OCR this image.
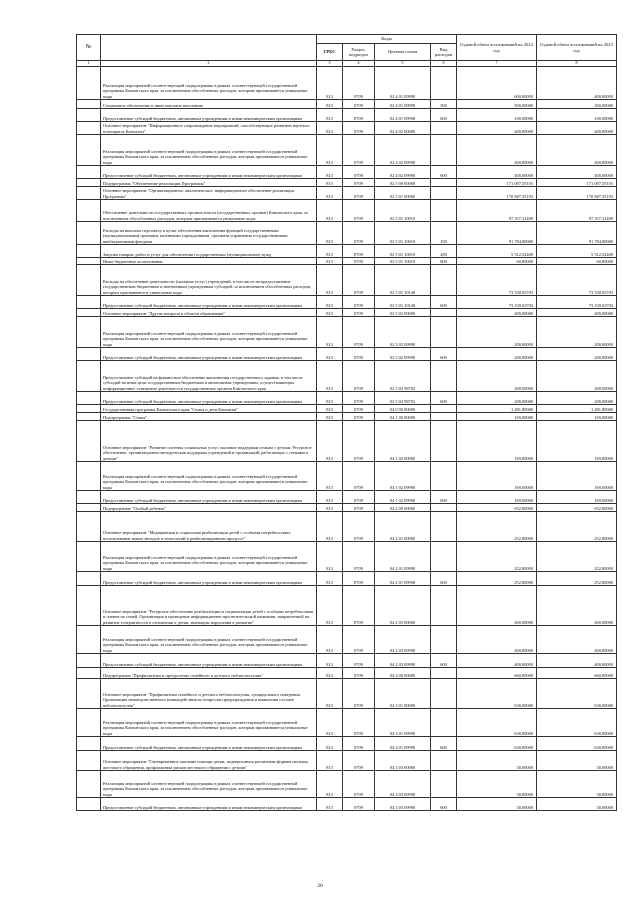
№		Коды				Годовой объем ассигнований на 2022 год	Годовой объем ассигнований на 2023 год
		ГРБС	Раздел, подраздел	Целевая статья	Вид расходов		
1	2	3	4	5	6	7	8
	Реализация мероприятий соответствующей подпрограммы в рамках соответствующей государственной программы Камчатского края, за исключением обособленных расходов, которым присваиваются уникальные коды	813	0709	02 4 01 09990		600,00000	400,00000
	Социальное обеспечение и иные выплаты населению	813	0709	02 4 01 09990	300	500,00000	300,00000
	Предоставление субсидий бюджетным, автономным учреждениям и иным некоммерческим организациям	813	0709	02 4 01 09990	600	100,00000	100,00000
	Основное мероприятие "Информационное сопровождение мероприятий, способствующих развитию научного потенциала Камчатки"	813	0709	02 4 02 00000		400,00000	400,00000
	Реализация мероприятий соответствующей подпрограммы в рамках соответствующей государственной программы Камчатского края, за исключением обособленных расходов, которым присваиваются уникальные коды	813	0709	02 4 02 09990		400,00000	400,00000
	Предоставление субсидий бюджетным, автономным учреждениям и иным некоммерческим организациям	813	0709	02 4 02 09990	600	400,00000	400,00000
	Подпрограмма "Обеспечение реализации Программы"	813	0709	02 5 00 00000		171 087,35103	171 087,35103
	Основное мероприятие "Организационное, аналитическое, информационное обеспечение реализации Программы"	813	0709	02 5 01 00000		170 687,35103	170 687,35103
	Обеспечение деятельности государственных органов власти (государственных органов) Камчатского края, за исключением обособленных расходов, которым присваиваются уникальные коды	813	0709	02 5 01 10010		97 357,32400	97 357,32400
	Расходы на выплаты персоналу в целях обеспечения выполнения функций государственными (муниципальными) органами, казенными учреждениями, органами управления государственными внебюджетными фондами	813	0709	02 5 01 10010	100	91 784,80000	91 784,80000
	Закупка товаров, работ и услуг для обеспечения государственных (муниципальных) нужд	813	0709	02 5 01 10010	200	5 512,52400	5 512,52400
	Иные бюджетные ассигнования	813	0709	02 5 01 10010	800	60,00000	60,00000
	Расходы на обеспечение деятельности (оказание услуг) учреждений, в том числе на предоставление государственным бюджетным и автономным учреждениям субсидий, за исключением обособленных расходов, которым присваиваются уникальные коды	813	0709	02 5 01 10140		73 330,02703	73 330,02703
	Предоставление субсидий бюджетным, автономным учреждениям и иным некоммерческим организациям	813	0709	02 5 01 10140	600	73 330,02703	73 330,02703
	Основное мероприятие "Другие вопросы в области образования"	813	0709	02 5 02 00000		400,00000	400,00000
	Реализация мероприятий соответствующей подпрограммы в рамках соответствующей государственной программы Камчатского края, за исключением обособленных расходов, которым присваиваются уникальные коды	813	0709	02 5 02 09990		200,00000	200,00000
	Предоставление субсидий бюджетным, автономным учреждениям и иным некоммерческим организациям	813	0709	02 5 02 09990	600	200,00000	200,00000
	Предоставление субсидий на финансовое обеспечение выполнения государственного задания, в том числе субсидий на иные цели государственным бюджетным и автономным учреждениям, осуществляющим информационное освещение деятельности государственных органов Камчатского края	813	0709	02 5 02 98702		200,00000	200,00000
	Предоставление субсидий бюджетным, автономным учреждениям и иным некоммерческим организациям	813	0709	02 5 02 98702	600	200,00000	200,00000
	Государственная программа Камчатского края "Семья и дети Камчатки"	813	0709	04 0 00 00000		1 481,80000	1 481,80000
	Подпрограмма "Семья"	813	0709	04 1 00 00000		169,00000	169,00000
	Основное мероприятие "Развитие системы социальных услуг, оказание поддержки семьям с детьми. Ресурсное обеспечение, организационно-методическая поддержка учреждений и организаций, работающих с семьями и детьми"	813	0709	04 1 02 00000		169,00000	169,00000
	Реализация мероприятий соответствующей подпрограммы в рамках соответствующей государственной программы Камчатского края, за исключением обособленных расходов, которым присваиваются уникальные коды	813	0709	04 1 02 09990		169,00000	169,00000
	Предоставление субсидий бюджетным, автономным учреждениям и иным некоммерческим организациям	813	0709	04 1 02 09990	600	169,00000	169,00000
	Подпрограмма "Особый ребенок"	813	0709	04 2 00 00000		652,80000	652,80000
	Основное мероприятие "Медицинская и социальная реабилитация детей с особыми потребностями, использование новых методов и технологий в реабилитационном процессе"	813	0709	04 2 01 00000		252,80000	252,80000
	Реализация мероприятий соответствующей подпрограммы в рамках соответствующей государственной программы Камчатского края, за исключением обособленных расходов, которым присваиваются уникальные коды	813	0709	04 2 01 09990		252,80000	252,80000
	Предоставление субсидий бюджетным, автономным учреждениям и иным некоммерческим организациям	813	0709	04 2 01 09990	600	252,80000	252,80000
	Основное мероприятие "Ресурсное обеспечение реабилитации и социализации детей с особыми потребностями и членов их семей. Организация и проведение информационно-просветительской кампании, направленной на развитие толерантности в отношении к детям, имеющим нарушения в развитии"	813	0709	04 2 03 00000		400,00000	400,00000
	Реализация мероприятий соответствующей подпрограммы в рамках соответствующей государственной программы Камчатского края, за исключением обособленных расходов, которым присваиваются уникальные коды	813	0709	04 2 03 09990		400,00000	400,00000
	Предоставление субсидий бюджетным, автономным учреждениям и иным некоммерческим организациям	813	0709	04 2 03 09990	600	400,00000	400,00000
	Подпрограмма "Профилактика и преодоление семейного и детского неблагополучия"	813	0709	04 3 00 00000		660,00000	660,00000
	Основное мероприятие "Профилактика семейного и детского неблагополучия, суицидального поведения. Организация межведомственного взаимодействия по вопросам предупреждения и выявления случаев неблагополучия"	813	0709	04 3 01 00000		630,00000	630,00000
	Реализация мероприятий соответствующей подпрограммы в рамках соответствующей государственной программы Камчатского края, за исключением обособленных расходов, которым присваиваются уникальные коды	813	0709	04 3 01 09990		630,00000	630,00000
	Предоставление субсидий бюджетным, автономным учреждениям и иным некоммерческим организациям	813	0709	04 3 01 09990	600	630,00000	630,00000
	Основное мероприятие "Своевременное оказание помощи детям, подвергшимся различным формам насилия, жестокого обращения, профилактика рисков жестокого обращения с детьми"	813	0709	04 3 03 00000		30,00000	30,00000
	Реализация мероприятий соответствующей подпрограммы в рамках соответствующей государственной программы Камчатского края, за исключением обособленных расходов, которым присваиваются уникальные коды	813	0709	04 3 03 09990		30,00000	30,00000
	Предоставление субсидий бюджетным, автономным учреждениям и иным некоммерческим организациям	813	0709	04 3 03 09990	600	30,00000	30,00000
20
